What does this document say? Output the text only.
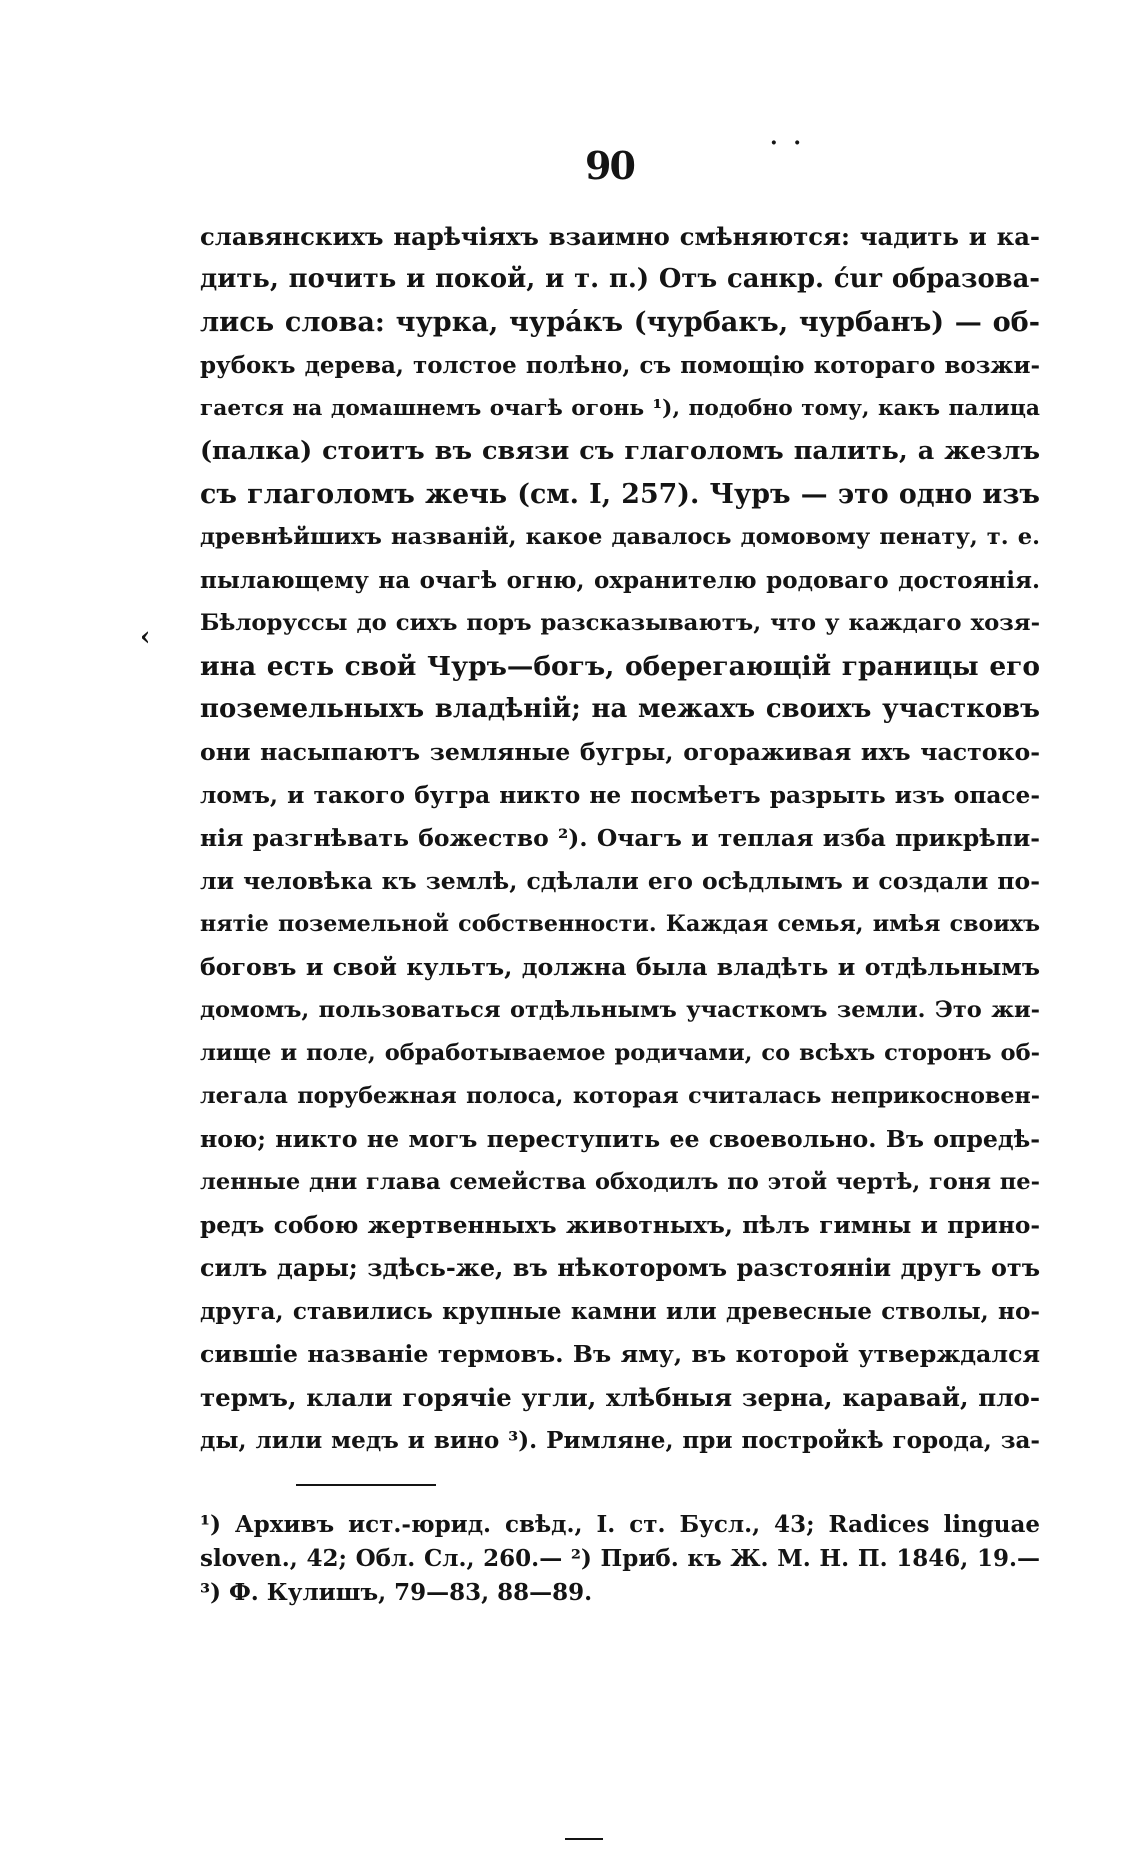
90	· ·
‹
славянскихъ нарѣчіяхъ взаимно смѣняются: чадить и ка-
дить, почить и покой, и т. п.) Отъ санкр. ćur образова-
лись слова: чурка, чура́къ (чурбакъ, чурбанъ) — об-
рубокъ дерева, толстое полѣно, съ помощію котораго возжи-
гается на домашнемъ очагѣ огонь ¹), подобно тому, какъ палица
(палка) стоитъ въ связи съ глаголомъ палить, а жезлъ
съ глаголомъ жечь (см. I, 257). Чуръ — это одно изъ
древнѣйшихъ названій, какое давалось домовому пенату, т. е.
пылающему на очагѣ огню, охранителю родоваго достоянія.
Бѣлоруссы до сихъ поръ разсказываютъ, что у каждаго хозя-
ина есть свой Чуръ—богъ, оберегающій границы его
поземельныхъ владѣній; на межахъ своихъ участковъ
они насыпаютъ земляные бугры, огораживая ихъ частоко-
ломъ, и такого бугра никто не посмѣетъ разрыть изъ опасе-
нія разгнѣвать божество ²). Очагъ и теплая изба прикрѣпи-
ли человѣка къ землѣ, сдѣлали его осѣдлымъ и создали по-
нятіе поземельной собственности. Каждая семья, имѣя своихъ
боговъ и свой культъ, должна была владѣть и отдѣльнымъ
домомъ, пользоваться отдѣльнымъ участкомъ земли. Это жи-
лище и поле, обработываемое родичами, со всѣхъ сторонъ об-
легала порубежная полоса, которая считалась неприкосновен-
ною; никто не могъ переступить ее своевольно. Въ опредѣ-
ленные дни глава семейства обходилъ по этой чертѣ, гоня пе-
редъ собою жертвенныхъ животныхъ, пѣлъ гимны и прино-
силъ дары; здѣсь-же, въ нѣкоторомъ разстояніи другъ отъ
друга, ставились крупные камни или древесные стволы, но-
сившіе названіе термовъ. Въ яму, въ которой утверждался
термъ, клали горячіе угли, хлѣбныя зерна, каравай, пло-
ды, лили медъ и вино ³). Римляне, при постройкѣ города, за-
¹) Архивъ ист.-юрид. свѣд., I. ст. Бусл., 43; Radices linguae
sloven., 42; Обл. Сл., 260.— ²) Приб. къ Ж. М. Н. П. 1846, 19.—
³) Ф. Кулишъ, 79—83, 88—89.
